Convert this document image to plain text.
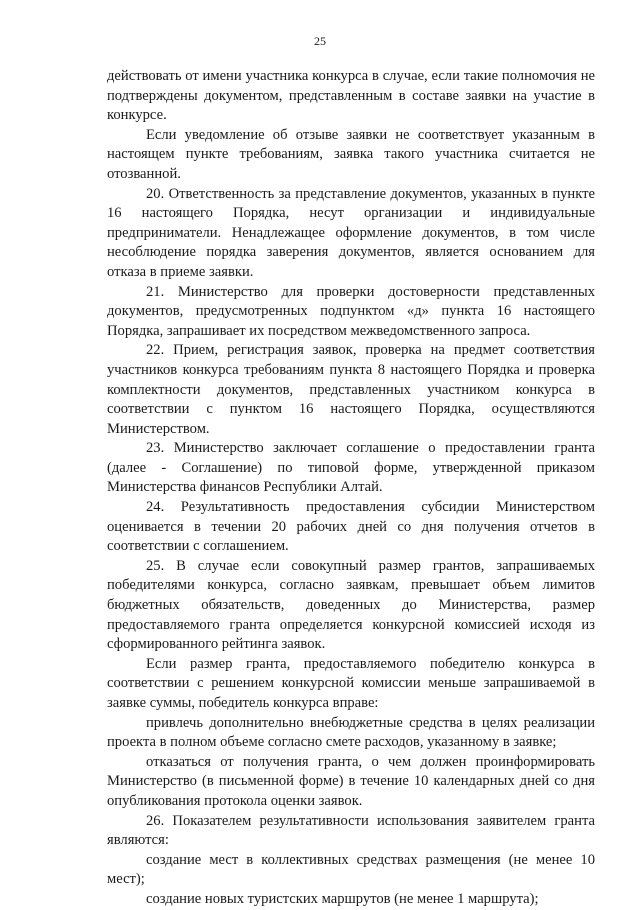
25

действовать от имени участника конкурса в случае, если такие полномочия не подтверждены документом, представленным в составе заявки на участие в конкурсе.

Если уведомление об отзыве заявки не соответствует указанным в настоящем пункте требованиям, заявка такого участника считается не отозванной.

20. Ответственность за представление документов, указанных в пункте 16 настоящего Порядка, несут организации и индивидуальные предприниматели. Ненадлежащее оформление документов, в том числе несоблюдение порядка заверения документов, является основанием для отказа в приеме заявки.

21. Министерство для проверки достоверности представленных документов, предусмотренных подпунктом «д» пункта 16 настоящего Порядка, запрашивает их посредством межведомственного запроса.

22. Прием, регистрация заявок, проверка на предмет соответствия участников конкурса требованиям пункта 8 настоящего Порядка и проверка комплектности документов, представленных участником конкурса в соответствии с пунктом 16 настоящего Порядка, осуществляются Министерством.

23. Министерство заключает соглашение о предоставлении гранта (далее - Соглашение) по типовой форме, утвержденной приказом Министерства финансов Республики Алтай.

24. Результативность предоставления субсидии Министерством оценивается в течении 20 рабочих дней со дня получения отчетов в соответствии с соглашением.

25. В случае если совокупный размер грантов, запрашиваемых победителями конкурса, согласно заявкам, превышает объем лимитов бюджетных обязательств, доведенных до Министерства, размер предоставляемого гранта определяется конкурсной комиссией исходя из сформированного рейтинга заявок.

Если размер гранта, предоставляемого победителю конкурса в соответствии с решением конкурсной комиссии меньше запрашиваемой в заявке суммы, победитель конкурса вправе:

привлечь дополнительно внебюджетные средства в целях реализации проекта в полном объеме согласно смете расходов, указанному в заявке;

отказаться от получения гранта, о чем должен проинформировать Министерство (в письменной форме) в течение 10 календарных дней со дня опубликования протокола оценки заявок.

26. Показателем результативности использования заявителем гранта являются:

создание мест в коллективных средствах размещения (не менее 10 мест);

создание новых туристских маршрутов (не менее 1 маршрута);
